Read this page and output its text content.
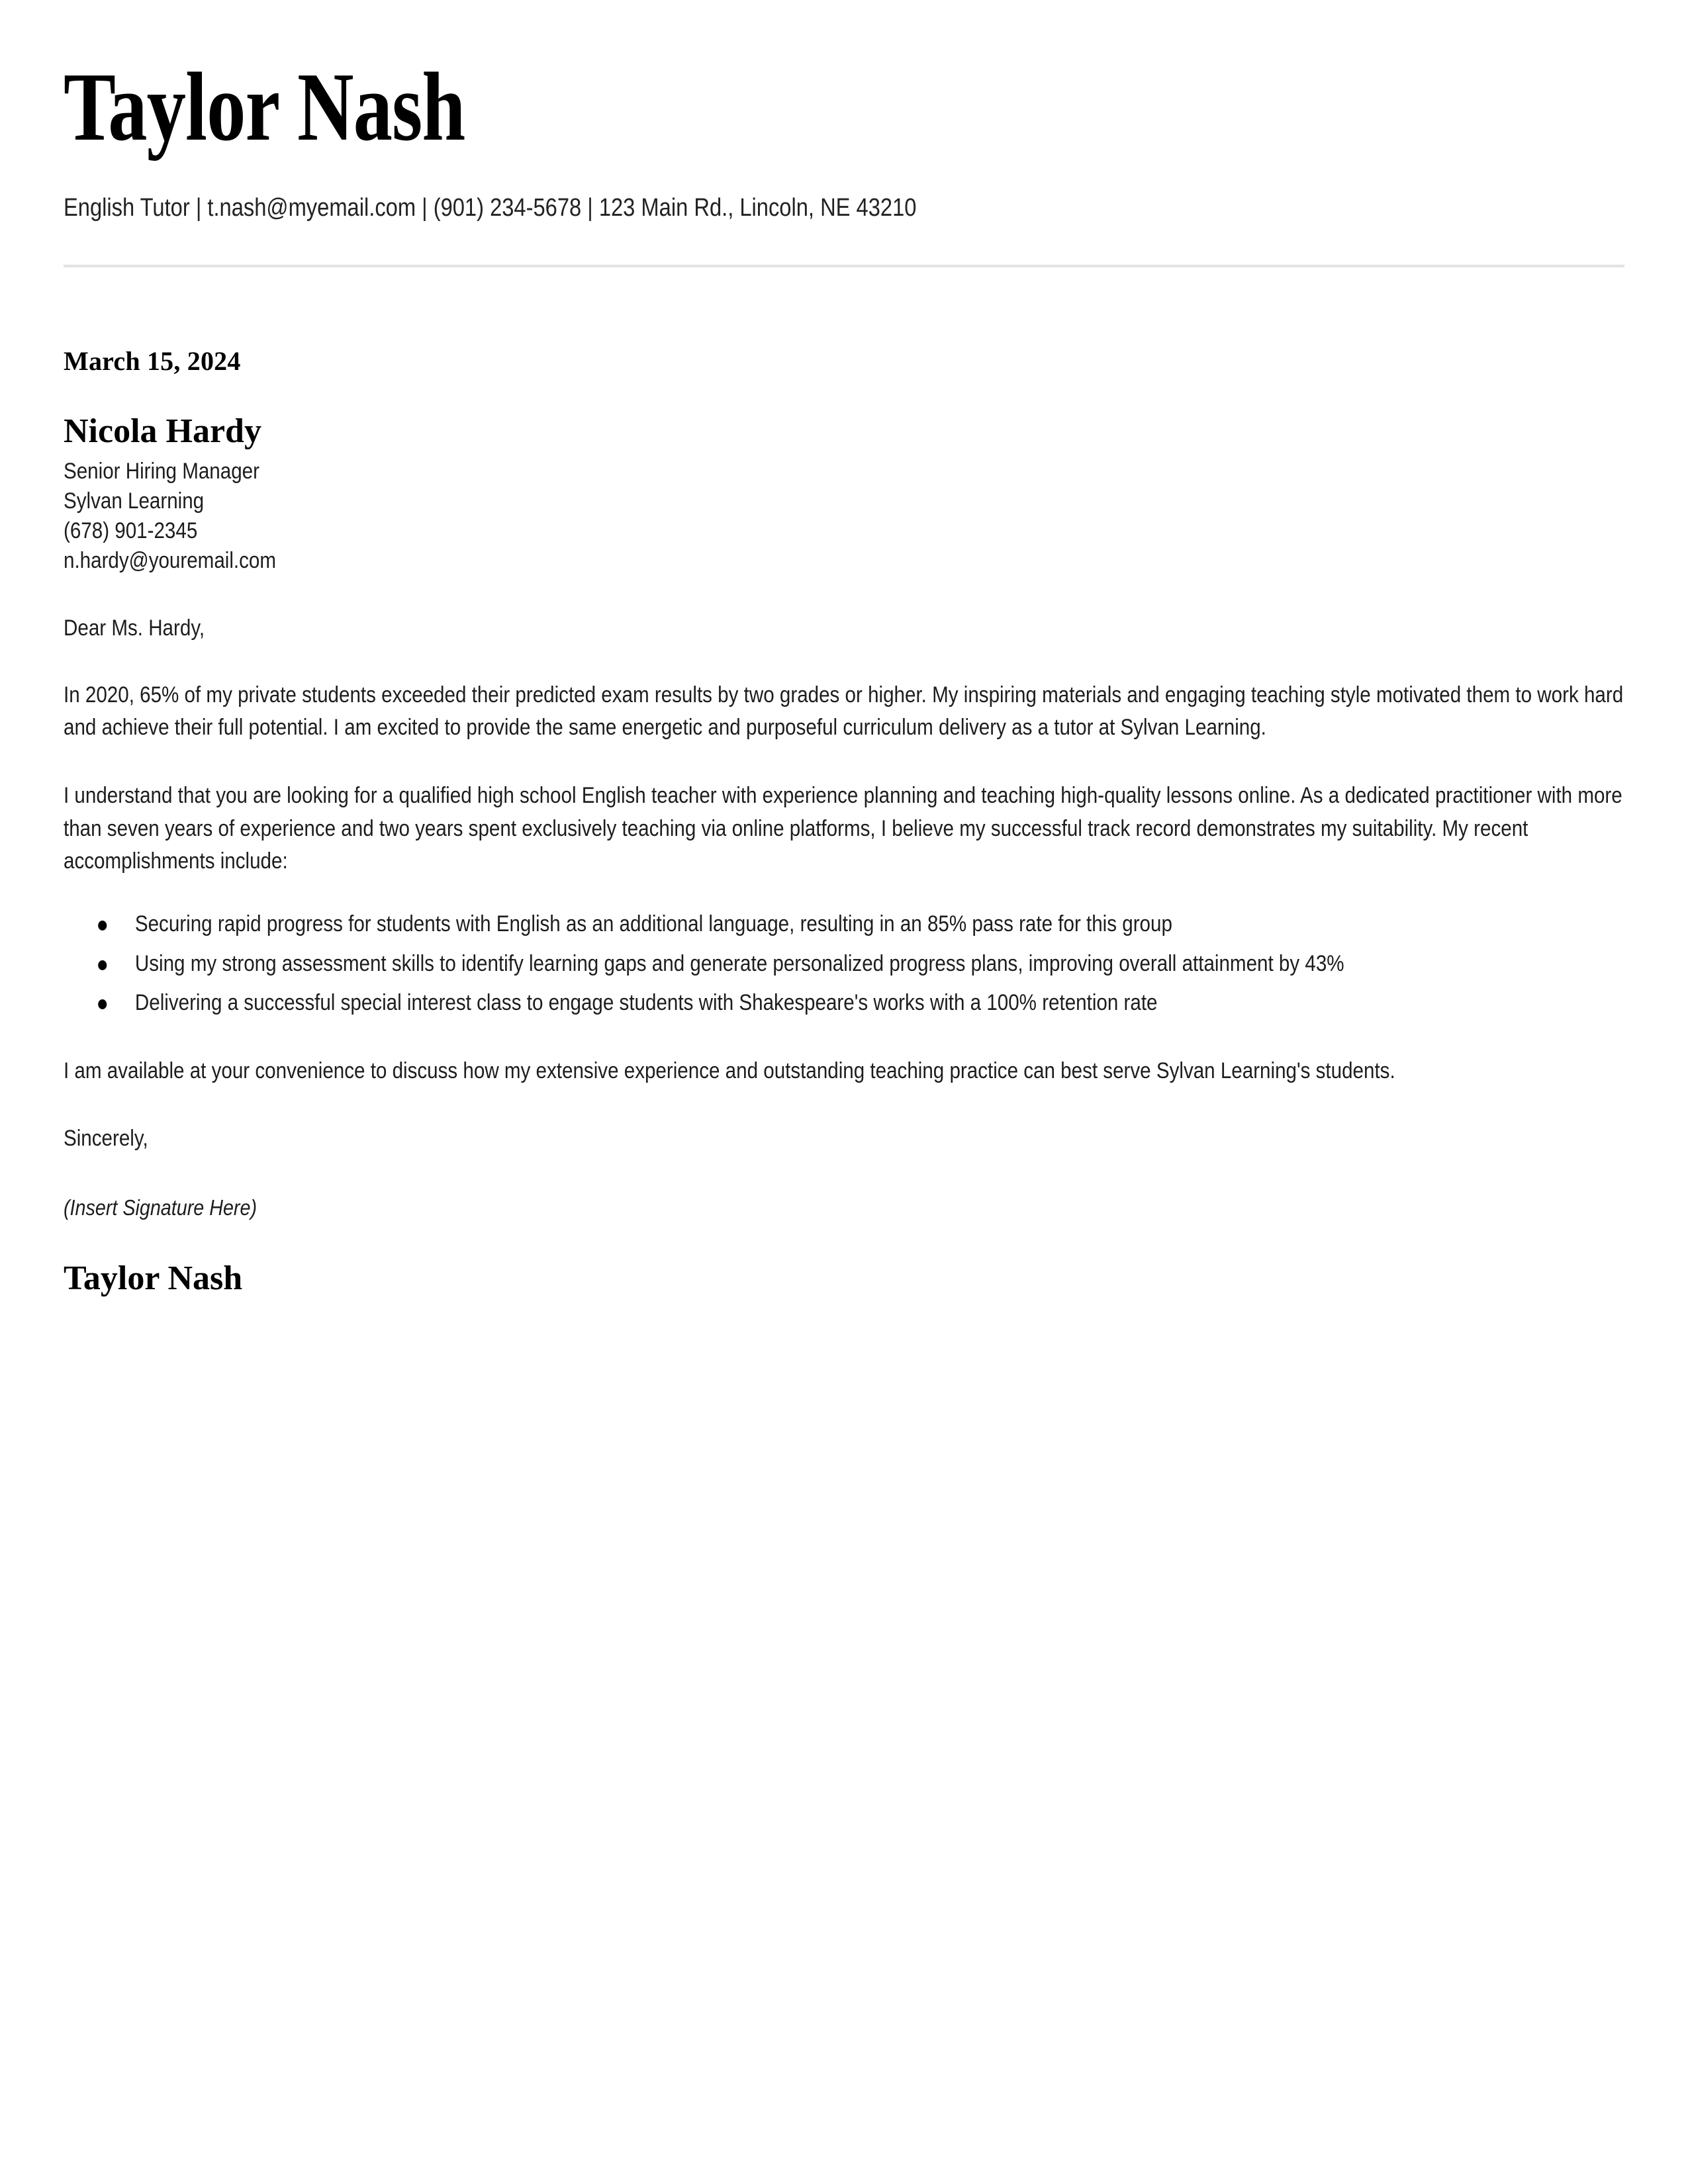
Taylor Nash
English Tutor | t.nash@myemail.com | (901) 234-5678 | 123 Main Rd., Lincoln, NE 43210
March 15, 2024
Nicola Hardy
Senior Hiring Manager
Sylvan Learning
(678) 901-2345
n.hardy@youremail.com
Dear Ms. Hardy,

In 2020, 65% of my private students exceeded their predicted exam results by two grades or higher. My inspiring materials and engaging teaching style motivated them to work hard and achieve their full potential. I am excited to provide the same energetic and purposeful curriculum delivery as a tutor at Sylvan Learning.

I understand that you are looking for a qualified high school English teacher with experience planning and teaching high-quality lessons online. As a dedicated practitioner with more than seven years of experience and two years spent exclusively teaching via online platforms, I believe my successful track record demonstrates my suitability. My recent accomplishments include:

Securing rapid progress for students with English as an additional language, resulting in an 85% pass rate for this group
Using my strong assessment skills to identify learning gaps and generate personalized progress plans, improving overall attainment by 43%
Delivering a successful special interest class to engage students with Shakespeare's works with a 100% retention rate

I am available at your convenience to discuss how my extensive experience and outstanding teaching practice can best serve Sylvan Learning's students.

Sincerely,
(Insert Signature Here)
Taylor Nash
